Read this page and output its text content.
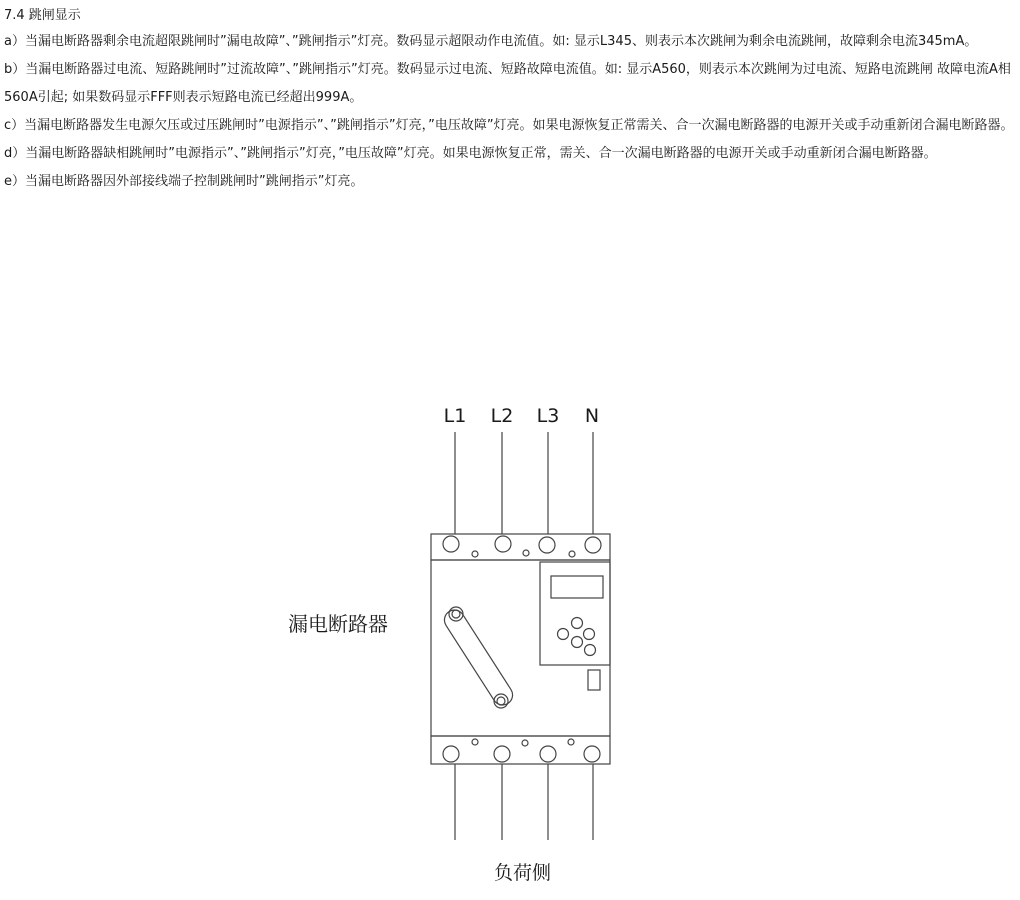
7.4 跳闸显示

a）当漏电断路器剩余电流超限跳闸时”漏电故障”、”跳闸指示”灯亮。数码显示超限动作电流值。如: 显示L345、则表示本次跳闸为剩余电流跳闸，故障剩余电流345mA。

b）当漏电断路器过电流、短路跳闸时”过流故障”、”跳闸指示”灯亮。数码显示过电流、短路故障电流值。如: 显示A560，则表示本次跳闸为过电流、短路电流跳闸 故障电流A相560A引起; 如果数码显示FFF则表示短路电流已经超出999A。

c）当漏电断路器发生电源欠压或过压跳闸时”电源指示”、”跳闸指示”灯亮，”电压故障”灯亮。如果电源恢复正常需关、合一次漏电断路器的电源开关或手动重新闭合漏电断路器。

d）当漏电断路器缺相跳闸时”电源指示”、”跳闸指示”灯亮，”电压故障”灯亮。如果电源恢复正常，需关、合一次漏电断路器的电源开关或手动重新闭合漏电断路器。

e）当漏电断路器因外部接线端子控制跳闸时”跳闸指示”灯亮。

L1 L2 L3 N
漏电断路器
负荷侧
